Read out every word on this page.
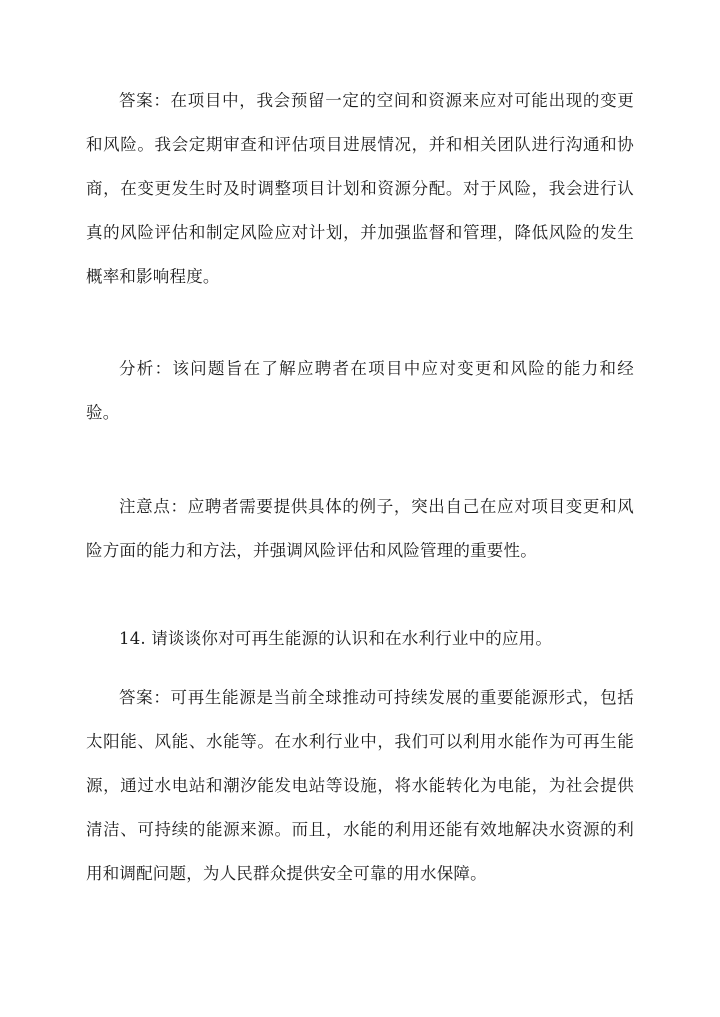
答案：在项目中，我会预留一定的空间和资源来应对可能出现的变更和风险。我会定期审查和评估项目进展情况，并和相关团队进行沟通和协商，在变更发生时及时调整项目计划和资源分配。对于风险，我会进行认真的风险评估和制定风险应对计划，并加强监督和管理，降低风险的发生概率和影响程度。

分析：该问题旨在了解应聘者在项目中应对变更和风险的能力和经验。

注意点：应聘者需要提供具体的例子，突出自己在应对项目变更和风险方面的能力和方法，并强调风险评估和风险管理的重要性。

14. 请谈谈你对可再生能源的认识和在水利行业中的应用。

答案：可再生能源是当前全球推动可持续发展的重要能源形式，包括太阳能、风能、水能等。在水利行业中，我们可以利用水能作为可再生能源，通过水电站和潮汐能发电站等设施，将水能转化为电能，为社会提供清洁、可持续的能源来源。而且，水能的利用还能有效地解决水资源的利用和调配问题，为人民群众提供安全可靠的用水保障。
